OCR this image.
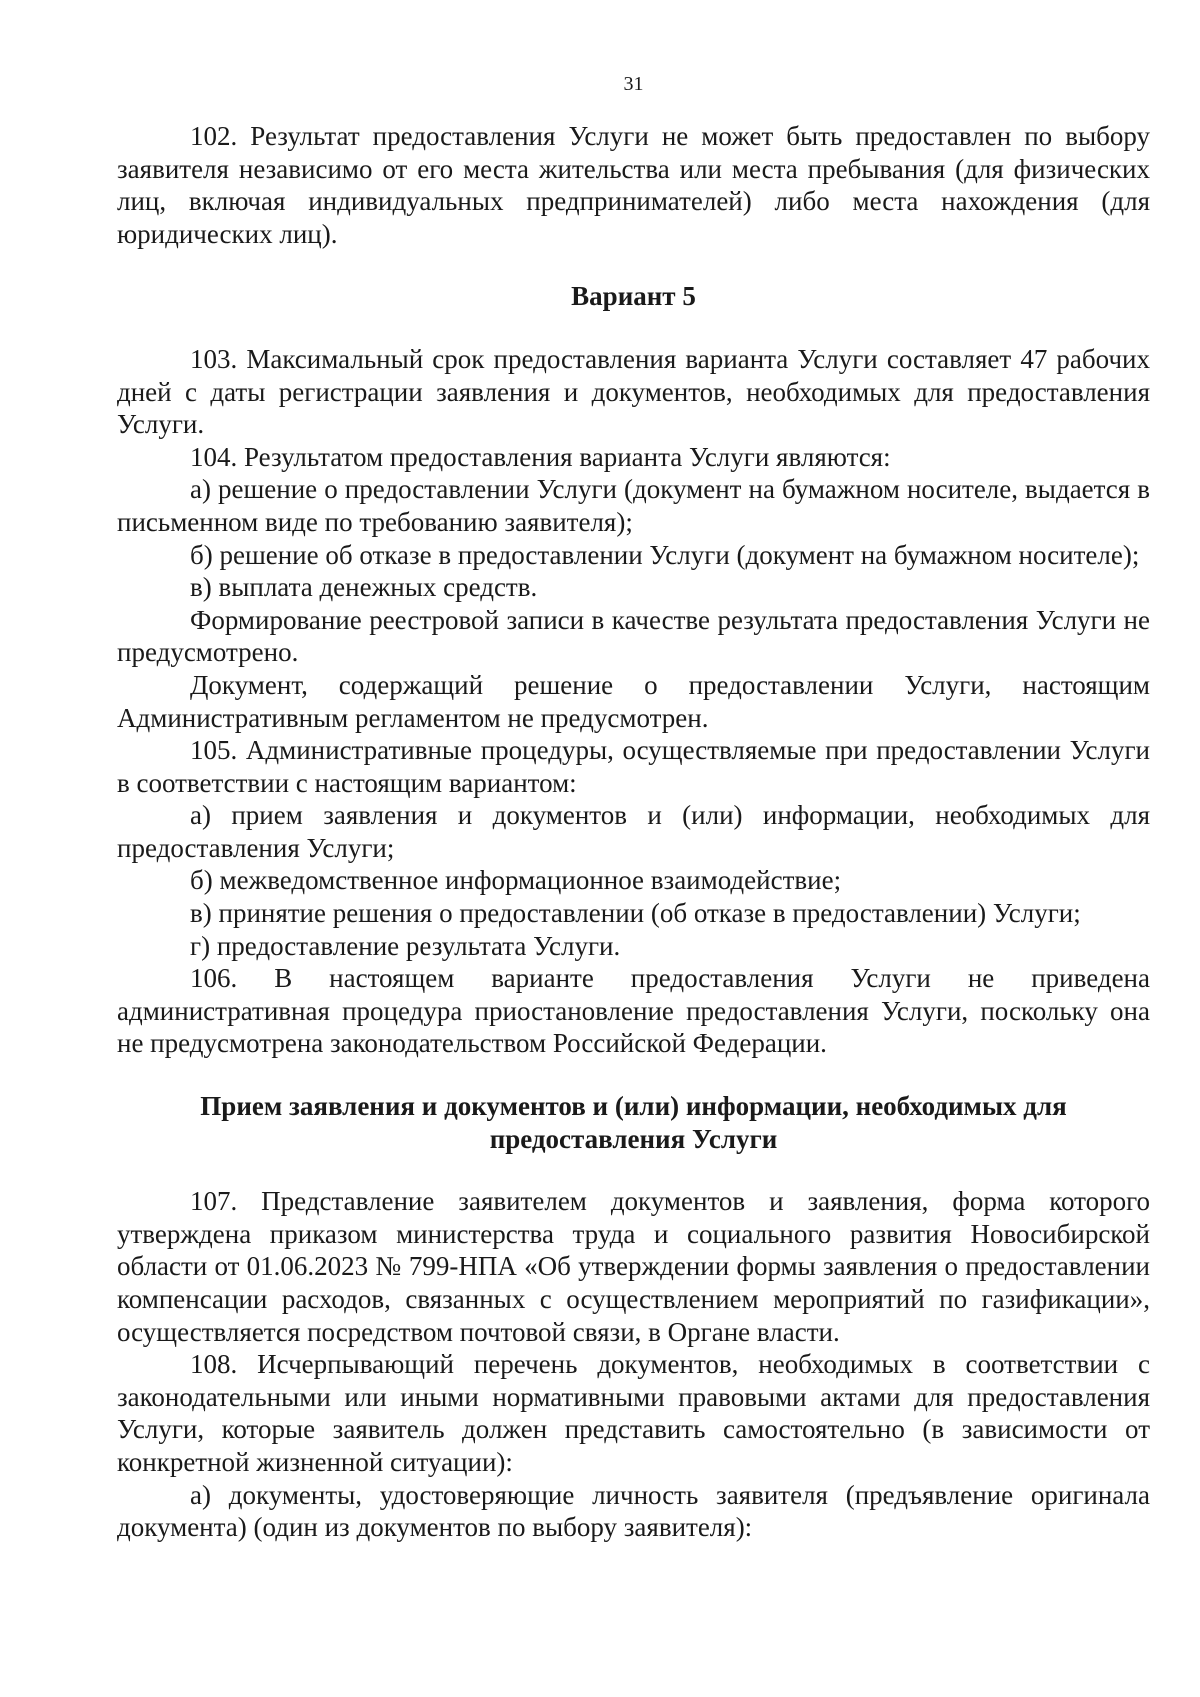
31

102. Результат предоставления Услуги не может быть предоставлен по выбору заявителя независимо от его места жительства или места пребывания (для физических лиц, включая индивидуальных предпринимателей) либо места нахождения (для юридических лиц).

Вариант 5

103. Максимальный срок предоставления варианта Услуги составляет 47 рабочих дней с даты регистрации заявления и документов, необходимых для предоставления Услуги.

104. Результатом предоставления варианта Услуги являются:

а) решение о предоставлении Услуги (документ на бумажном носителе, выдается в письменном виде по требованию заявителя);

б) решение об отказе в предоставлении Услуги (документ на бумажном носителе);

в) выплата денежных средств.

Формирование реестровой записи в качестве результата предоставления Услуги не предусмотрено.

Документ, содержащий решение о предоставлении Услуги, настоящим Административным регламентом не предусмотрен.

105. Административные процедуры, осуществляемые при предоставлении Услуги в соответствии с настоящим вариантом:

а) прием заявления и документов и (или) информации, необходимых для предоставления Услуги;

б) межведомственное информационное взаимодействие;

в) принятие решения о предоставлении (об отказе в предоставлении) Услуги;

г) предоставление результата Услуги.

106. В настоящем варианте предоставления Услуги не приведена административная процедура приостановление предоставления Услуги, поскольку она не предусмотрена законодательством Российской Федерации.

Прием заявления и документов и (или) информации, необходимых для предоставления Услуги

107. Представление заявителем документов и заявления, форма которого утверждена приказом министерства труда и социального развития Новосибирской области от 01.06.2023 № 799-НПА «Об утверждении формы заявления о предоставлении компенсации расходов, связанных с осуществлением мероприятий по газификации», осуществляется посредством почтовой связи, в Органе власти.

108. Исчерпывающий перечень документов, необходимых в соответствии с законодательными или иными нормативными правовыми актами для предоставления Услуги, которые заявитель должен представить самостоятельно (в зависимости от конкретной жизненной ситуации):

а) документы, удостоверяющие личность заявителя (предъявление оригинала документа) (один из документов по выбору заявителя):
